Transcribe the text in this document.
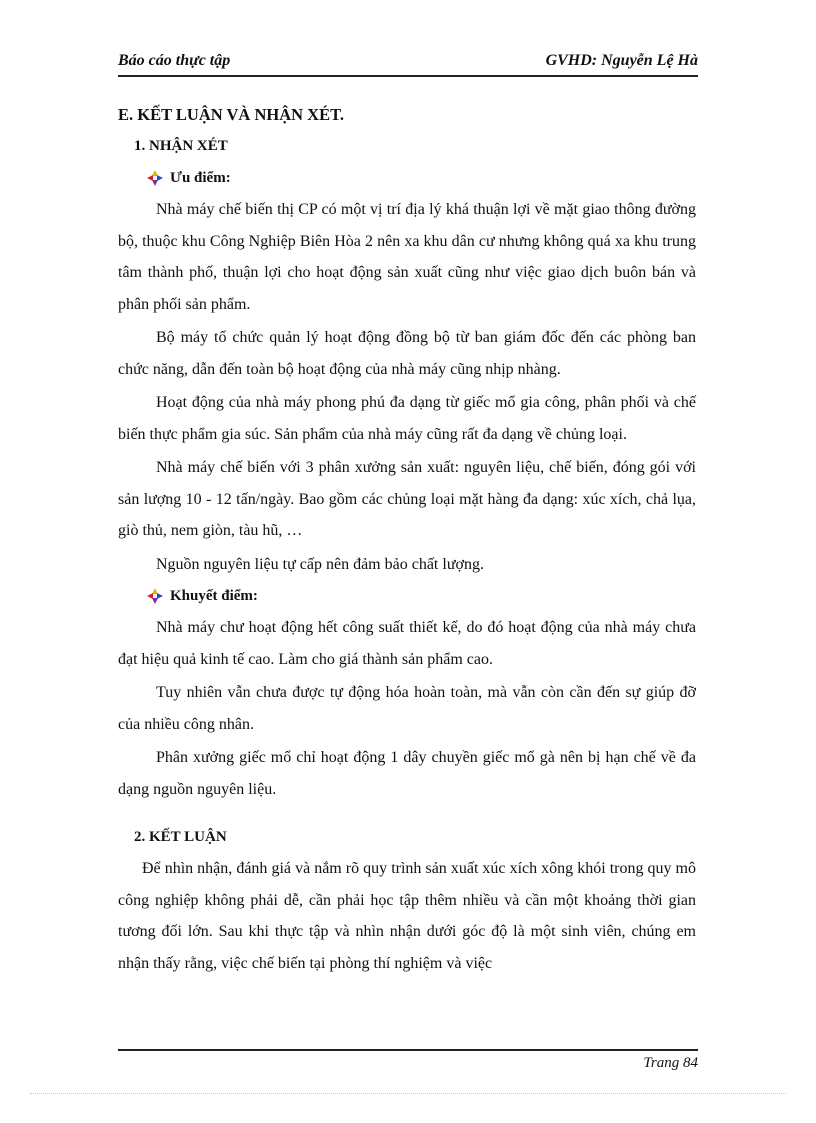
Báo cáo thực tập	GVHD: Nguyễn Lệ Hà
E. KẾT LUẬN VÀ NHẬN XÉT.
1. NHẬN XÉT
Ưu điểm:

Nhà máy chế biến thị CP có một vị trí địa lý khá thuận lợi về mặt giao thông đường bộ, thuộc khu Công Nghiệp Biên Hòa 2 nên xa khu dân cư nhưng không quá xa khu trung tâm thành phố, thuận lợi cho hoạt động sản xuất cũng như việc giao dịch buôn bán và phân phối sản phẩm.

Bộ máy tổ chức quản lý hoạt động đồng bộ từ ban giám đốc đến các phòng ban chức năng, dẫn đến toàn bộ hoạt động của nhà máy cũng nhịp nhàng.

Hoạt động của nhà máy phong phú đa dạng từ giếc mổ gia công, phân phối và chế biến thực phẩm gia súc. Sản phẩm của nhà máy cũng rất đa dạng về chủng loại.

Nhà máy chế biến với 3 phân xưởng sản xuất: nguyên liệu, chế biến, đóng gói với sản lượng 10 - 12 tấn/ngày. Bao gồm các chủng loại mặt hàng đa dạng: xúc xích, chả lụa, giò thủ, nem giòn, tàu hũ, …

Nguồn nguyên liệu tự cấp nên đảm bảo chất lượng.

Khuyết điểm:

Nhà máy chư hoạt động hết công suất thiết kế, do đó hoạt động của nhà máy chưa đạt hiệu quả kinh tế cao. Làm cho giá thành sản phẩm cao.

Tuy nhiên vẫn chưa được tự động hóa hoàn toàn, mà vẫn còn cần đến sự giúp đỡ của nhiều công nhân.

Phân xưởng giếc mổ chỉ hoạt động 1 dây chuyền giếc mổ gà nên bị hạn chế về đa dạng nguồn nguyên liệu.

2. KẾT LUẬN

Để nhìn nhận, đánh giá và nắm rõ quy trình sản xuất xúc xích xông khói trong quy mô công nghiệp không phải dễ, cần phải học tập thêm nhiều và cần một khoảng thời gian tương đối lớn. Sau khi thực tập và nhìn nhận dưới góc độ là một sinh viên, chúng em nhận thấy rằng, việc chế biến tại phòng thí nghiệm và việc

Trang 84
